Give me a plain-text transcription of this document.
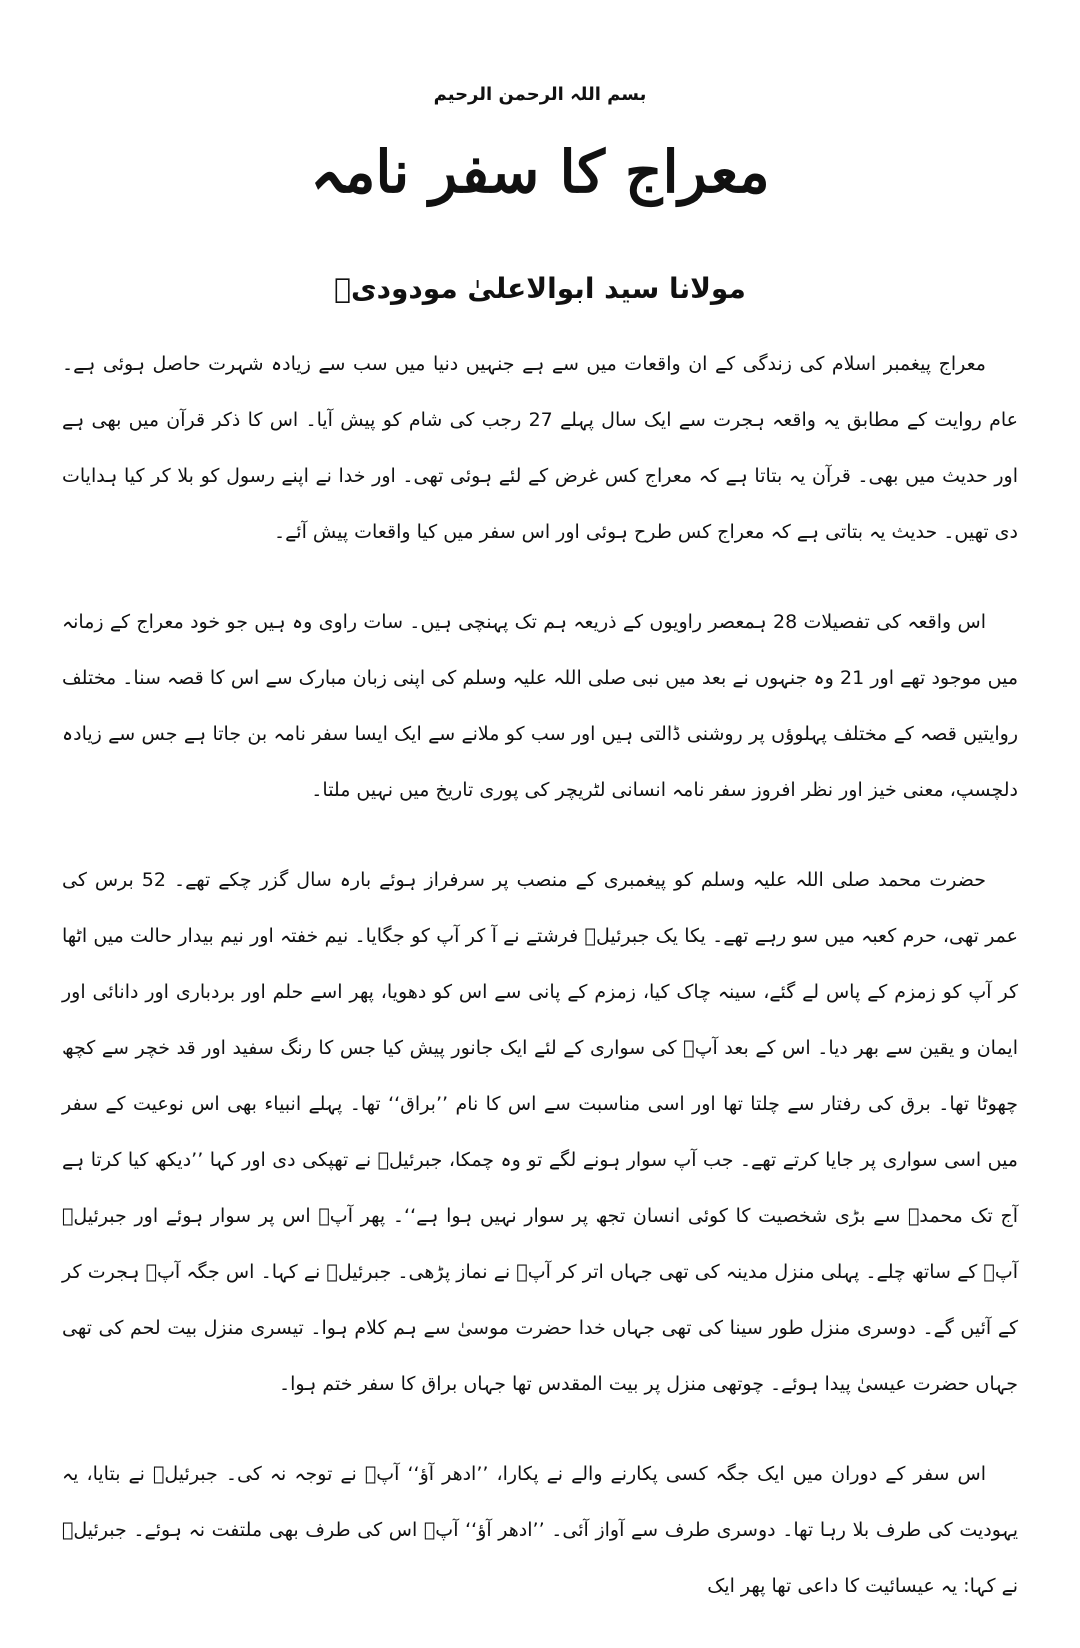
بسم اللہ الرحمن الرحیم
معراج کا سفر نامہ
مولانا سید ابوالاعلیٰ مودودیؒ

معراج پیغمبر اسلام کی زندگی کے ان واقعات میں سے ہے جنہیں دنیا میں سب سے زیادہ شہرت حاصل ہوئی ہے۔ عام روایت کے مطابق یہ واقعہ ہجرت سے ایک سال پہلے 27 رجب کی شام کو پیش آیا۔ اس کا ذکر قرآن میں بھی ہے اور حدیث میں بھی۔ قرآن یہ بتاتا ہے کہ معراج کس غرض کے لئے ہوئی تھی۔ اور خدا نے اپنے رسول کو بلا کر کیا ہدایات دی تھیں۔ حدیث یہ بتاتی ہے کہ معراج کس طرح ہوئی اور اس سفر میں کیا واقعات پیش آئے۔

اس واقعہ کی تفصیلات 28 ہمعصر راویوں کے ذریعہ ہم تک پہنچی ہیں۔ سات راوی وہ ہیں جو خود معراج کے زمانہ میں موجود تھے اور 21 وہ جنہوں نے بعد میں نبی صلی اللہ علیہ وسلم کی اپنی زبان مبارک سے اس کا قصہ سنا۔ مختلف روایتیں قصہ کے مختلف پہلوؤں پر روشنی ڈالتی ہیں اور سب کو ملانے سے ایک ایسا سفر نامہ بن جاتا ہے جس سے زیادہ دلچسپ، معنی خیز اور نظر افروز سفر نامہ انسانی لٹریچر کی پوری تاریخ میں نہیں ملتا۔

حضرت محمد صلی اللہ علیہ وسلم کو پیغمبری کے منصب پر سرفراز ہوئے بارہ سال گزر چکے تھے۔ 52 برس کی عمر تھی، حرم کعبہ میں سو رہے تھے۔ یکا یک جبرئیلؑ فرشتے نے آ کر آپ کو جگایا۔ نیم خفتہ اور نیم بیدار حالت میں اٹھا کر آپ کو زمزم کے پاس لے گئے، سینہ چاک کیا، زمزم کے پانی سے اس کو دھویا، پھر اسے حلم اور بردباری اور دانائی اور ایمان و یقین سے بھر دیا۔ اس کے بعد آپؐ کی سواری کے لئے ایک جانور پیش کیا جس کا رنگ سفید اور قد خچر سے کچھ چھوٹا تھا۔ برق کی رفتار سے چلتا تھا اور اسی مناسبت سے اس کا نام ’’براق‘‘ تھا۔ پہلے انبیاء بھی اس نوعیت کے سفر میں اسی سواری پر جایا کرتے تھے۔ جب آپ سوار ہونے لگے تو وہ چمکا، جبرئیلؑ نے تھپکی دی اور کہا ’’دیکھ کیا کرتا ہے آج تک محمدؐ سے بڑی شخصیت کا کوئی انسان تجھ پر سوار نہیں ہوا ہے‘‘۔ پھر آپؐ اس پر سوار ہوئے اور جبرئیلؑ آپؐ کے ساتھ چلے۔ پہلی منزل مدینہ کی تھی جہاں اتر کر آپؐ نے نماز پڑھی۔ جبرئیلؑ نے کہا۔ اس جگہ آپؐ ہجرت کر کے آئیں گے۔ دوسری منزل طور سینا کی تھی جہاں خدا حضرت موسیٰ سے ہم کلام ہوا۔ تیسری منزل بیت لحم کی تھی جہاں حضرت عیسیٰ پیدا ہوئے۔ چوتھی منزل پر بیت المقدس تھا جہاں براق کا سفر ختم ہوا۔

اس سفر کے دوران میں ایک جگہ کسی پکارنے والے نے پکارا، ’’ادھر آؤ‘‘ آپؐ نے توجہ نہ کی۔ جبرئیلؑ نے بتایا، یہ یہودیت کی طرف بلا رہا تھا۔ دوسری طرف سے آواز آئی۔ ’’ادھر آؤ‘‘ آپؐ اس کی طرف بھی ملتفت نہ ہوئے۔ جبرئیلؑ نے کہا: یہ عیسائیت کا داعی تھا پھر ایک
